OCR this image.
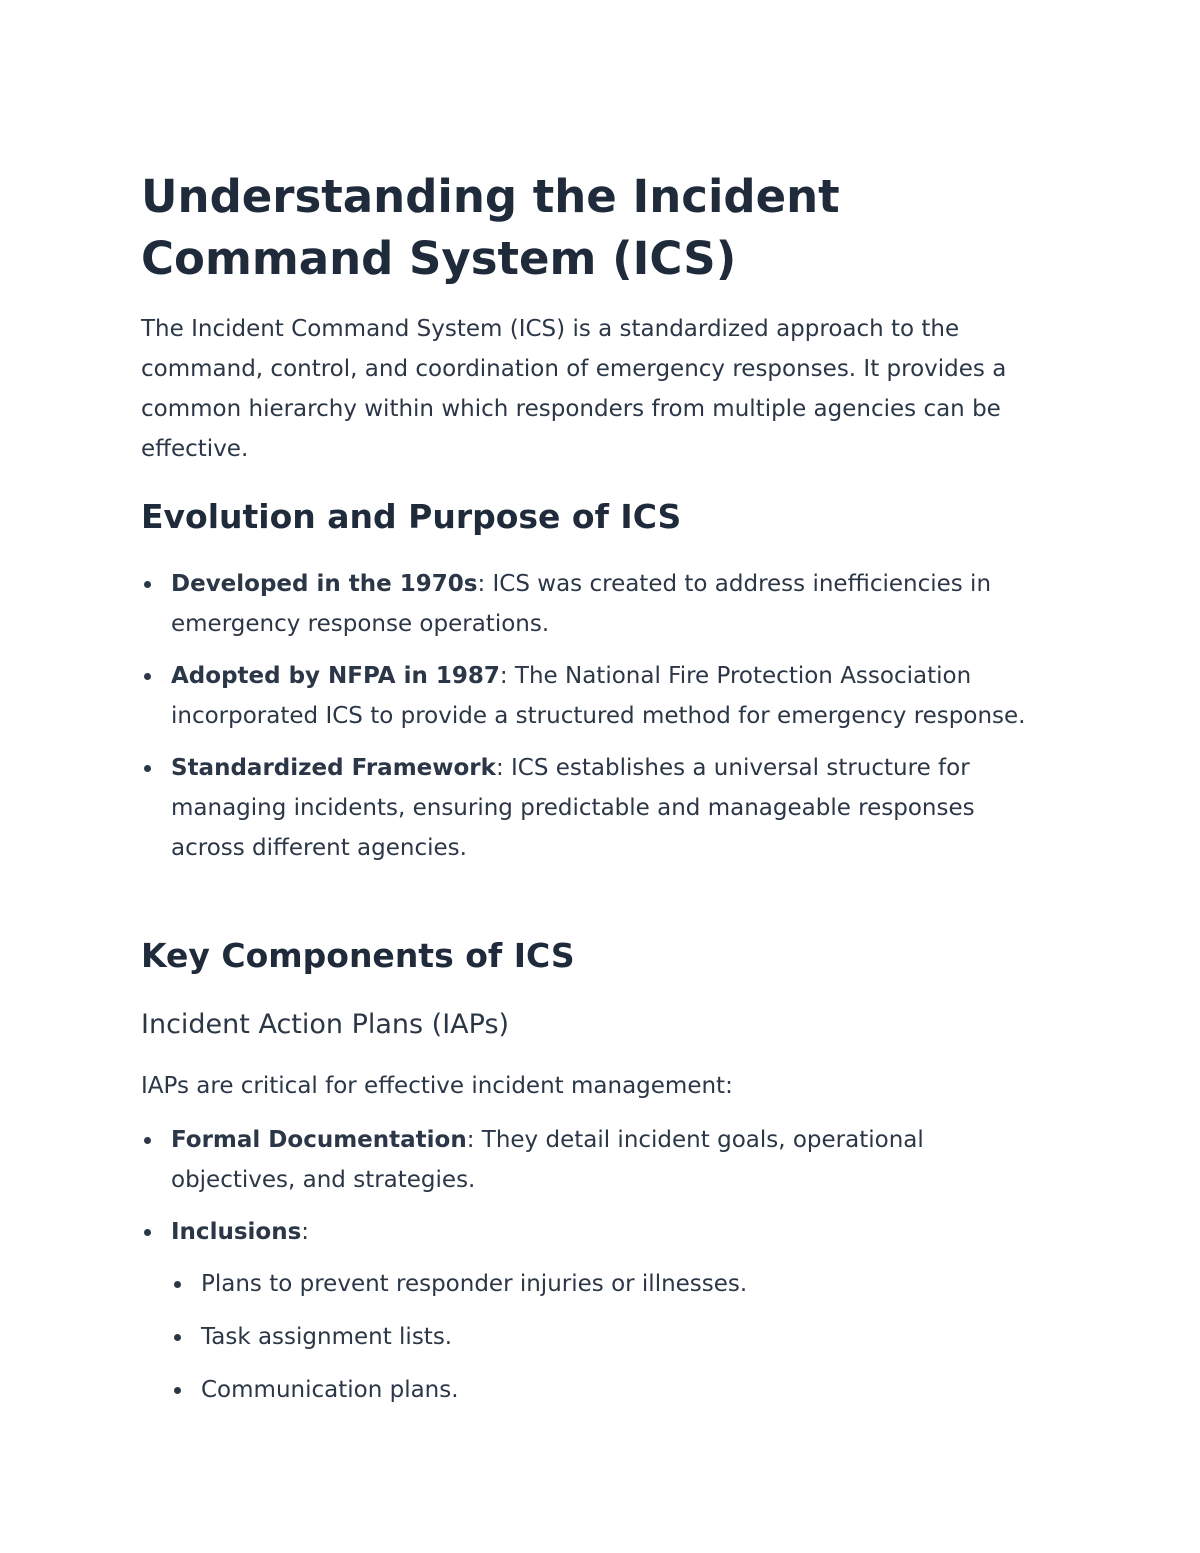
Understanding the Incident Command System (ICS)

The Incident Command System (ICS) is a standardized approach to the command, control, and coordination of emergency responses. It provides a common hierarchy within which responders from multiple agencies can be effective.

Evolution and Purpose of ICS
Developed in the 1970s: ICS was created to address inefficiencies in emergency response operations.
Adopted by NFPA in 1987: The National Fire Protection Association incorporated ICS to provide a structured method for emergency response.
Standardized Framework: ICS establishes a universal structure for managing incidents, ensuring predictable and manageable responses across different agencies.
Key Components of ICS
Incident Action Plans (IAPs)

IAPs are critical for effective incident management:

Formal Documentation: They detail incident goals, operational objectives, and strategies.
Inclusions:
Plans to prevent responder injuries or illnesses.
Task assignment lists.
Communication plans.
